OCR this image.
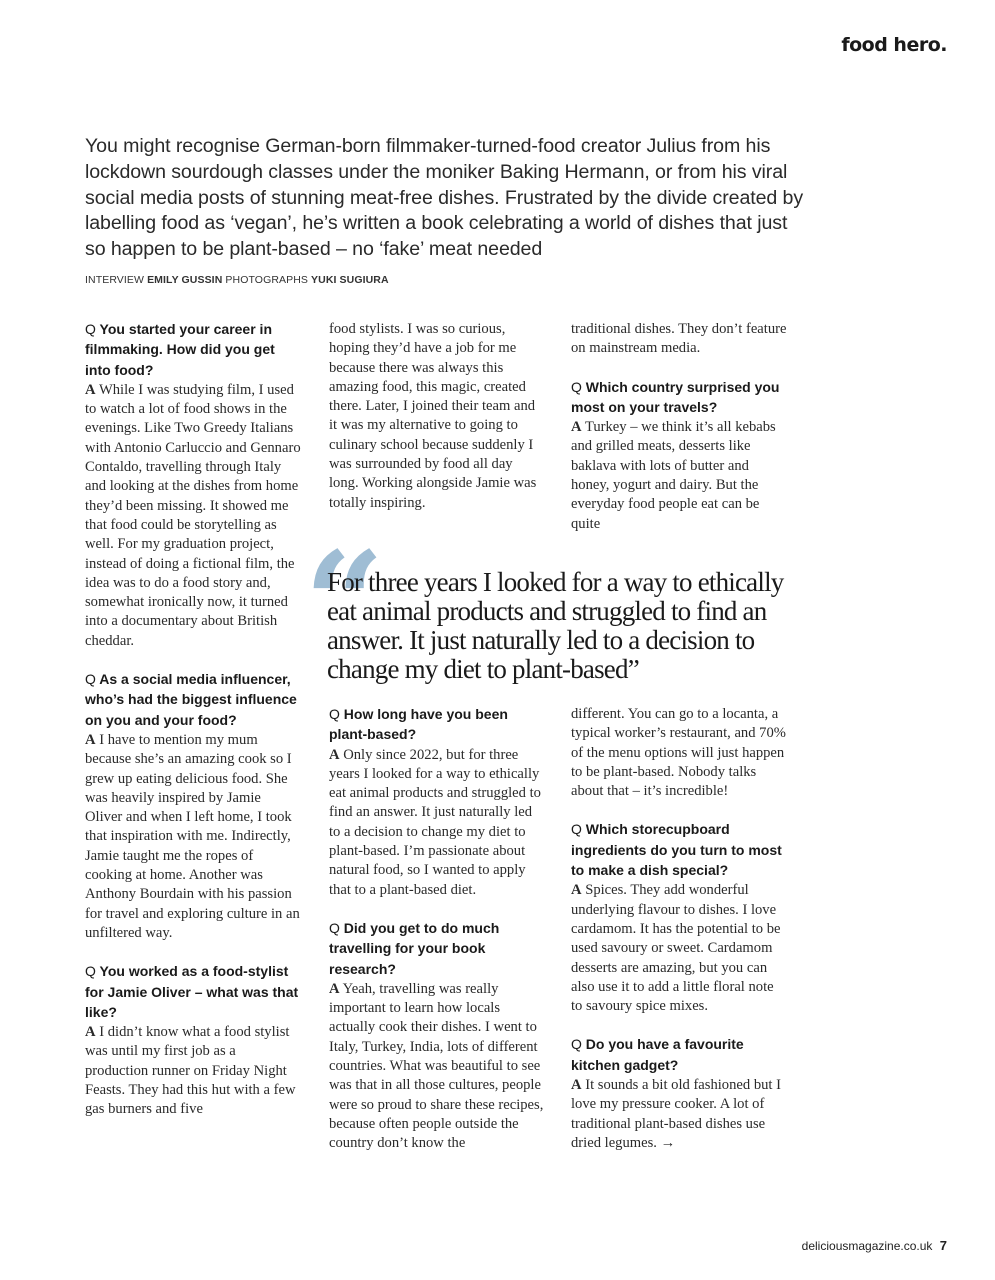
food hero.
You might recognise German-born filmmaker-turned-food creator Julius from his lockdown sourdough classes under the moniker Baking Hermann, or from his viral social media posts of stunning meat-free dishes. Frustrated by the divide created by labelling food as ‘vegan’, he’s written a book celebrating a world of dishes that just so happen to be plant-based – no ‘fake’ meat needed
INTERVIEW EMILY GUSSIN PHOTOGRAPHS YUKI SUGIURA

Q You started your career in filmmaking. How did you get into food?
A While I was studying film, I used to watch a lot of food shows in the evenings. Like Two Greedy Italians with Antonio Carluccio and Gennaro Contaldo, travelling through Italy and looking at the dishes from home they’d been missing. It showed me that food could be storytelling as well. For my graduation project, instead of doing a fictional film, the idea was to do a food story and, somewhat ironically now, it turned into a documentary about British cheddar.

Q As a social media influencer, who’s had the biggest influence on you and your food?
A I have to mention my mum because she’s an amazing cook so I grew up eating delicious food. She was heavily inspired by Jamie Oliver and when I left home, I took that inspiration with me. Indirectly, Jamie taught me the ropes of cooking at home. Another was Anthony Bourdain with his passion for travel and exploring culture in an unfiltered way.

Q You worked as a food-stylist for Jamie Oliver – what was that like?
A I didn’t know what a food stylist was until my first job as a production runner on Friday Night Feasts. They had this hut with a few gas burners and five

food stylists. I was so curious, hoping they’d have a job for me because there was always this amazing food, this magic, created there. Later, I joined their team and it was my alternative to going to culinary school because suddenly I was surrounded by food all day long. Working alongside Jamie was totally inspiring.

traditional dishes. They don’t feature on mainstream media.

Q Which country surprised you most on your travels?
A Turkey – we think it’s all kebabs and grilled meats, desserts like baklava with lots of butter and honey, yogurt and dairy. But the everyday food people eat can be quite

“
For three years I looked for a way to ethically eat animal products and struggled to find an answer. It just naturally led to a decision to change my diet to plant-based”

Q How long have you been plant-based?
A Only since 2022, but for three years I looked for a way to ethically eat animal products and struggled to find an answer. It just naturally led to a decision to change my diet to plant-based. I’m passionate about natural food, so I wanted to apply that to a plant-based diet.

Q Did you get to do much travelling for your book research?
A Yeah, travelling was really important to learn how locals actually cook their dishes. I went to Italy, Turkey, India, lots of different countries. What was beautiful to see was that in all those cultures, people were so proud to share these recipes, because often people outside the country don’t know the

different. You can go to a locanta, a typical worker’s restaurant, and 70% of the menu options will just happen to be plant-based. Nobody talks about that – it’s incredible!

Q Which storecupboard ingredients do you turn to most to make a dish special?
A Spices. They add wonderful underlying flavour to dishes. I love cardamom. It has the potential to be used savoury or sweet. Cardamom desserts are amazing, but you can also use it to add a little floral note to savoury spice mixes.

Q Do you have a favourite kitchen gadget?
A It sounds a bit old fashioned but I love my pressure cooker. A lot of traditional plant-based dishes use dried legumes. →

deliciousmagazine.co.uk 7
